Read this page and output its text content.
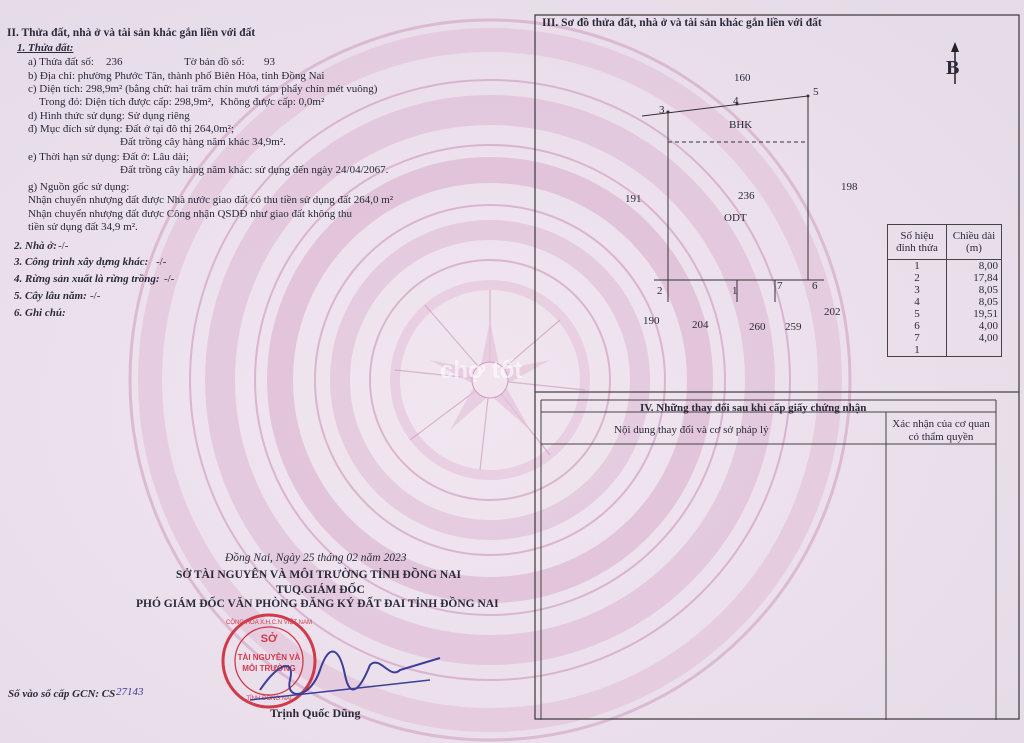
II. Thửa đất, nhà ở và tài sản khác gắn liền với đất
1. Thửa đất:
a) Thửa đất số: 236	Tờ bản đồ số: 93
b) Địa chỉ: phường Phước Tân, thành phố Biên Hòa, tỉnh Đồng Nai
c) Diện tích: 298,9m² (bằng chữ: hai trăm chín mươi tám phẩy chín mét vuông)
Trong đó: Diện tích được cấp: 298,9m², Không được cấp: 0,0m²
d) Hình thức sử dụng: Sử dụng riêng
đ) Mục đích sử dụng: Đất ở tại đô thị 264,0m²;
Đất trồng cây hàng năm khác 34,9m².
e) Thời hạn sử dụng: Đất ở: Lâu dài;
Đất trồng cây hàng năm khác: sử dụng đến ngày 24/04/2067.
g) Nguồn gốc sử dụng:
Nhận chuyển nhượng đất được Nhà nước giao đất có thu tiền sử dụng đất 264,0 m²
Nhận chuyển nhượng đất được Công nhận QSDĐ như giao đất không thu
tiền sử dụng đất 34,9 m².
2. Nhà ở: -/-
3. Công trình xây dựng khác: -/-
4. Rừng sản xuất là rừng trồng: -/-
5. Cây lâu năm: -/-
6. Ghi chú:
Đồng Nai, Ngày 25 tháng 02 năm 2023
SỞ TÀI NGUYÊN VÀ MÔI TRƯỜNG TỈNH ĐỒNG NAI
TUQ.GIÁM ĐỐC
PHÓ GIÁM ĐỐC VĂN PHÒNG ĐĂNG KÝ ĐẤT ĐAI TỈNH ĐỒNG NAI
SỞ
TÀI NGUYÊN VÀ
MÔI TRƯỜNG
CỘNG HÒA X.H.C.N VIỆT NAM
TỈNH ĐỒNG NAI
Trịnh Quốc Dũng
Số vào sổ cấp GCN: CS 27143
III. Sơ đồ thửa đất, nhà ở và tài sản khác gắn liền với đất
B
160
3
4
5
BHK
191
198
236
ODT
2	1	7	6
190	204	260 259
202
Số hiệu đỉnh thửa	Chiều dài (m)
1	8,00
2	17,84
3	8,05
4	8,05
5	19,51
6	4,00
7	4,00
1	
IV. Những thay đổi sau khi cấp giấy chứng nhận
Nội dung thay đổi và cơ sở pháp lý	Xác nhận của cơ quan có thẩm quyền
chợ tốt
